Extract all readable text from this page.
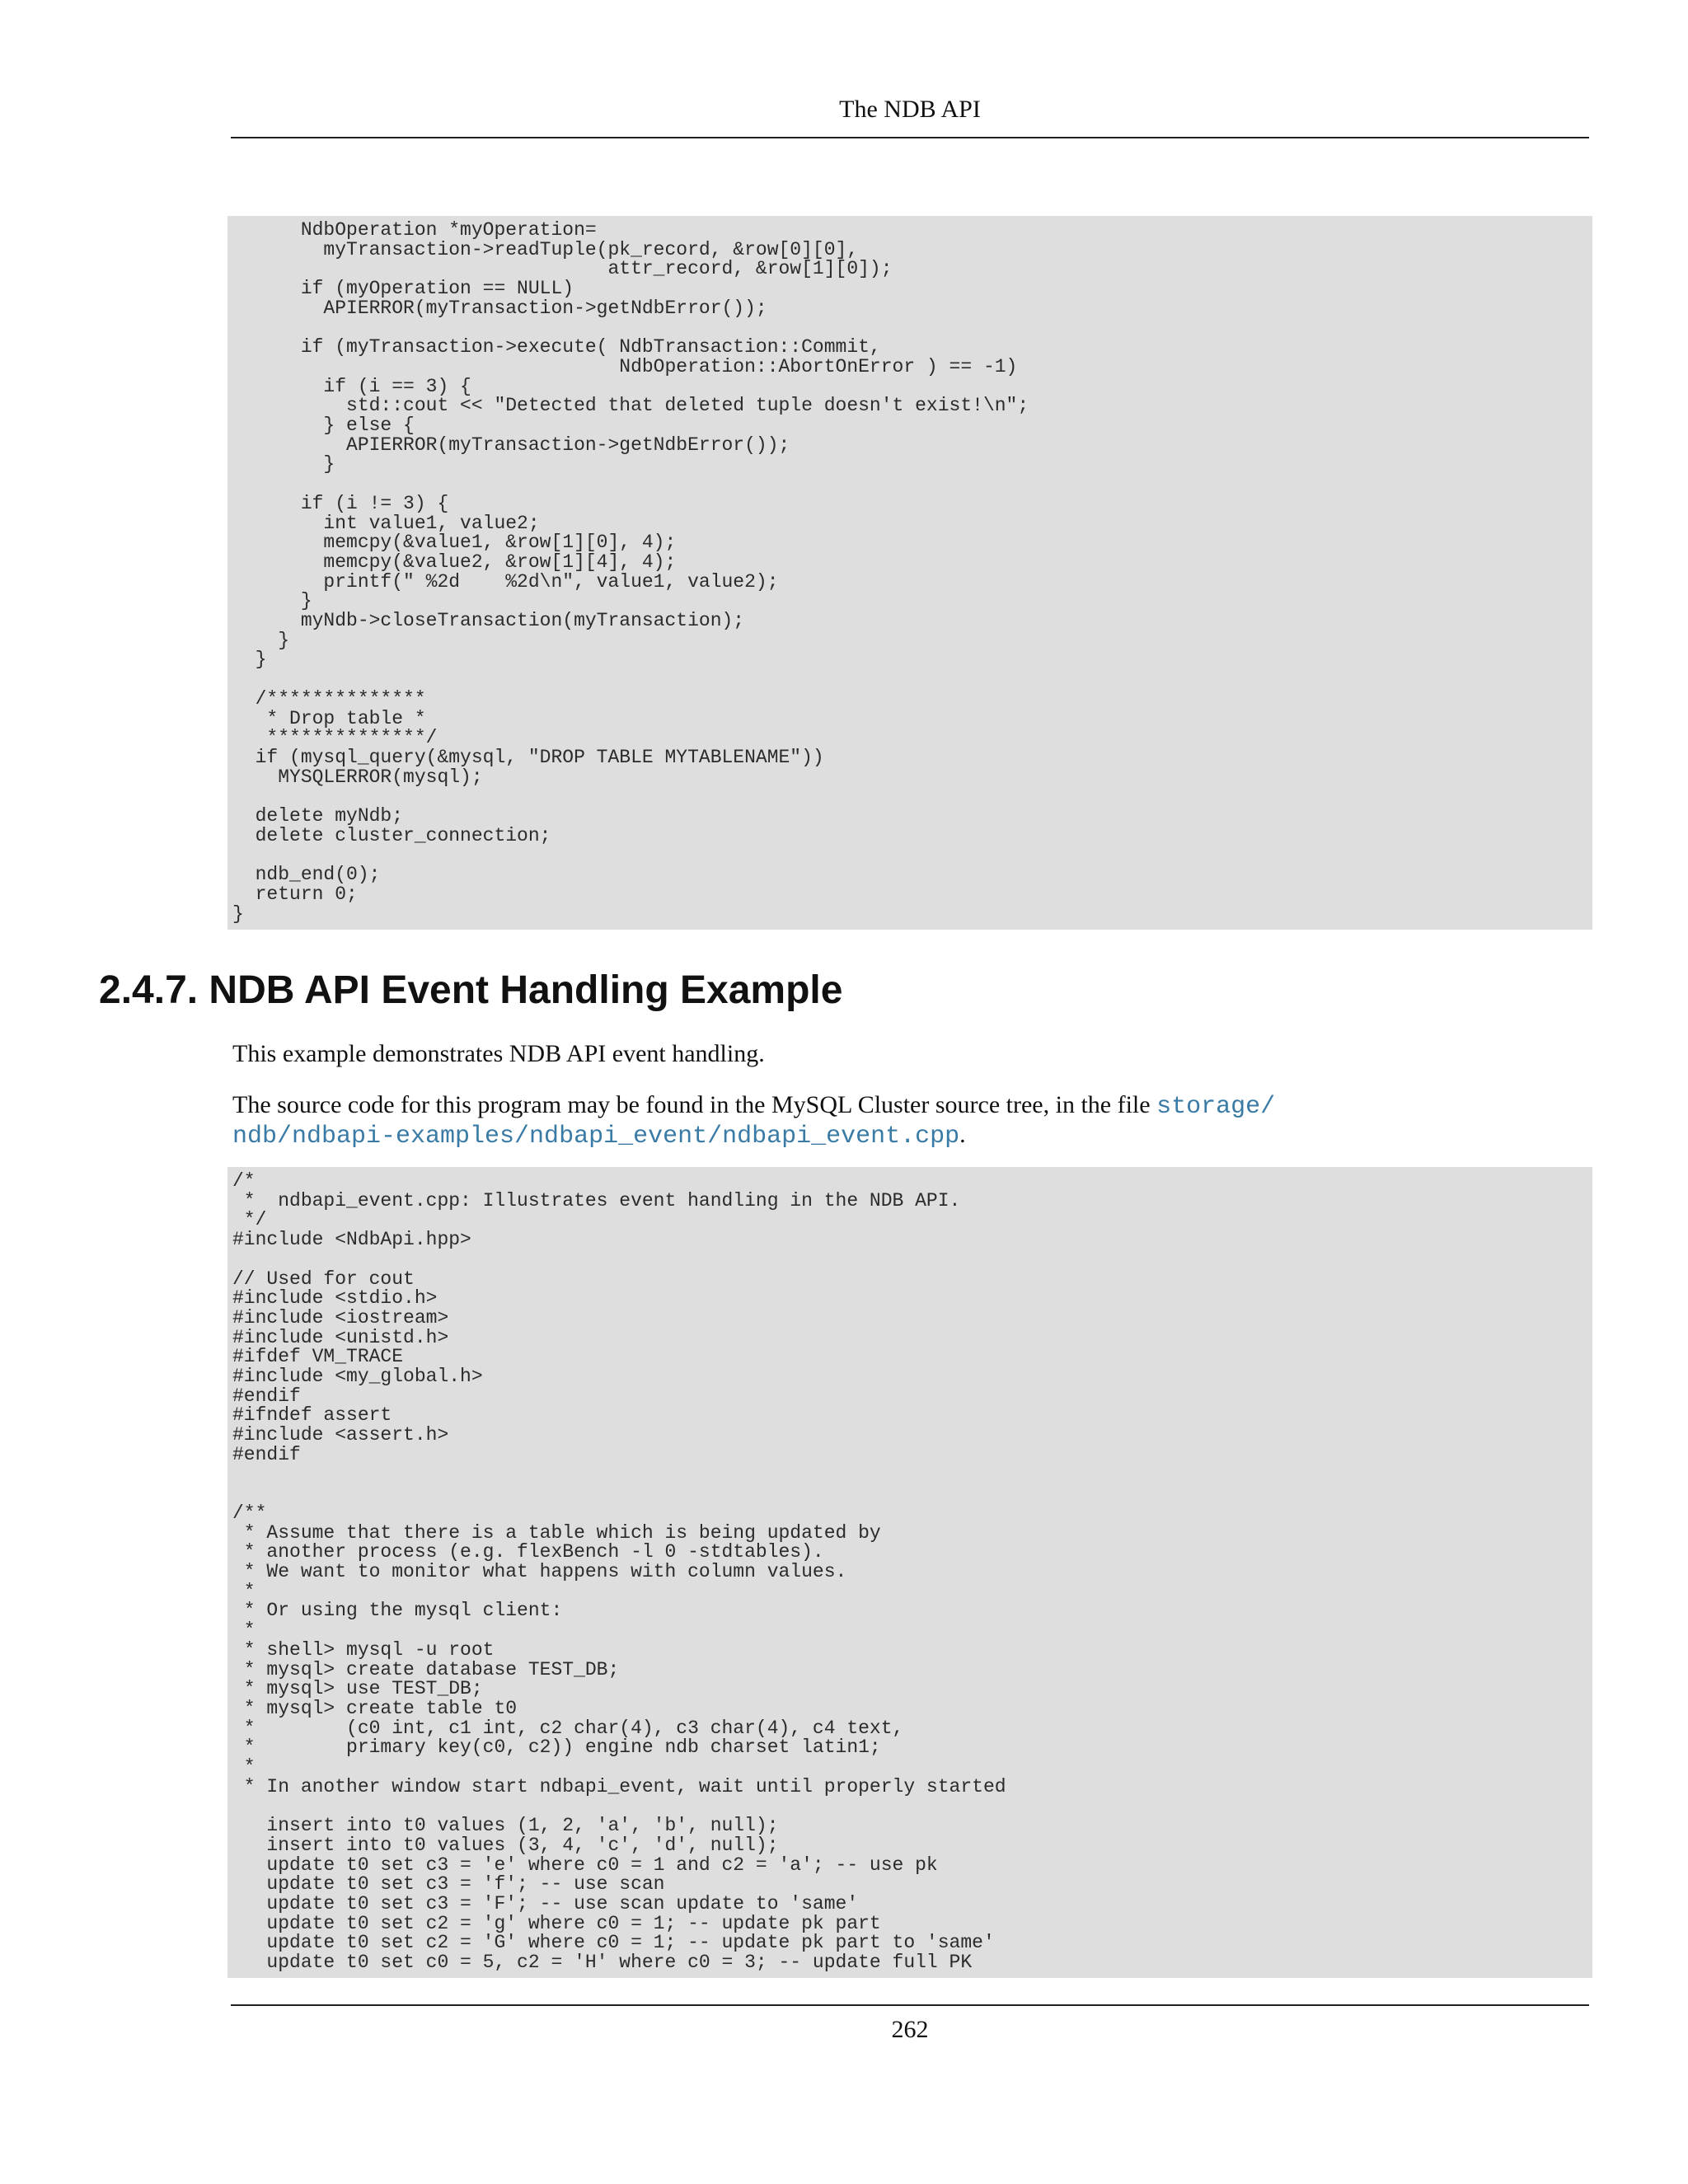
The NDB API
NdbOperation *myOperation=
myTransaction->readTuple(pk_record, &row[0][0],
attr_record, &row[1][0]);
if (myOperation == NULL)
APIERROR(myTransaction->getNdbError());

if (myTransaction->execute( NdbTransaction::Commit,
NdbOperation::AbortOnError ) == -1)
if (i == 3) {
std::cout << "Detected that deleted tuple doesn't exist!\n";
} else {
APIERROR(myTransaction->getNdbError());
}

if (i != 3) {
int value1, value2;
memcpy(&value1, &row[1][0], 4);
memcpy(&value2, &row[1][4], 4);
printf(" %2d    %2d\n", value1, value2);
}
myNdb->closeTransaction(myTransaction);
}
}

/**************
* Drop table *
**************/
if (mysql_query(&mysql, "DROP TABLE MYTABLENAME"))
MYSQLERROR(mysql);

delete myNdb;
delete cluster_connection;

ndb_end(0);
return 0;
}
2.4.7. NDB API Event Handling Example

This example demonstrates NDB API event handling.

The source code for this program may be found in the MySQL Cluster source tree, in the file storage/
ndb/ndbapi-examples/ndbapi_event/ndbapi_event.cpp.

/*
*  ndbapi_event.cpp: Illustrates event handling in the NDB API.
*/
#include <NdbApi.hpp>

// Used for cout
#include <stdio.h>
#include <iostream>
#include <unistd.h>
#ifdef VM_TRACE
#include <my_global.h>
#endif
#ifndef assert
#include <assert.h>
#endif

/**
* Assume that there is a table which is being updated by
* another process (e.g. flexBench -l 0 -stdtables).
* We want to monitor what happens with column values.
*
* Or using the mysql client:
*
* shell> mysql -u root
* mysql> create database TEST_DB;
* mysql> use TEST_DB;
* mysql> create table t0
*        (c0 int, c1 int, c2 char(4), c3 char(4), c4 text,
*        primary key(c0, c2)) engine ndb charset latin1;
*
* In another window start ndbapi_event, wait until properly started

insert into t0 values (1, 2, 'a', 'b', null);
insert into t0 values (3, 4, 'c', 'd', null);
update t0 set c3 = 'e' where c0 = 1 and c2 = 'a'; -- use pk
update t0 set c3 = 'f'; -- use scan
update t0 set c3 = 'F'; -- use scan update to 'same'
update t0 set c2 = 'g' where c0 = 1; -- update pk part
update t0 set c2 = 'G' where c0 = 1; -- update pk part to 'same'
update t0 set c0 = 5, c2 = 'H' where c0 = 3; -- update full PK
262
